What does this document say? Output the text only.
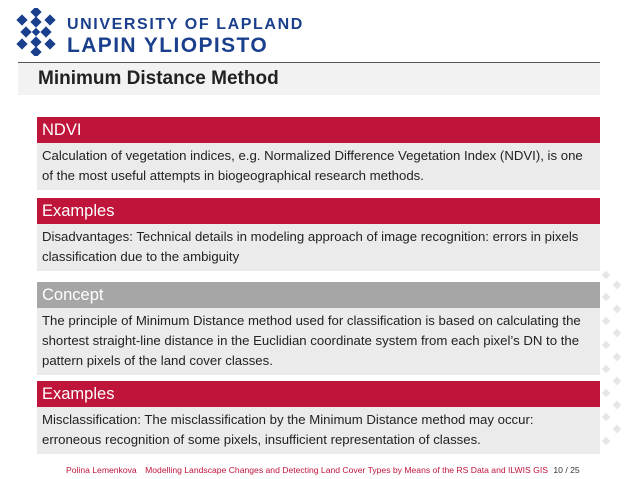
UNIVERSITY OF LAPLAND
LAPIN YLIOPISTO
Minimum Distance Method
NDVI
Calculation of vegetation indices, e.g. Normalized Difference Vegetation Index (NDVI), is one of the most useful attempts in biogeographical research methods.
Examples
Disadvantages: Technical details in modeling approach of image recognition: errors in pixels classification due to the ambiguity
Concept
The principle of Minimum Distance method used for classification is based on calculating the shortest straight-line distance in the Euclidian coordinate system from each pixel’s DN to the pattern pixels of the land cover classes.
Examples
Misclassification: The misclassification by the Minimum Distance method may occur: erroneous recognition of some pixels, insufficient representation of classes.
Polina Lemenkova Modelling Landscape Changes and Detecting Land Cover Types by Means of the RS Data and ILWIS GIS 10 / 25
